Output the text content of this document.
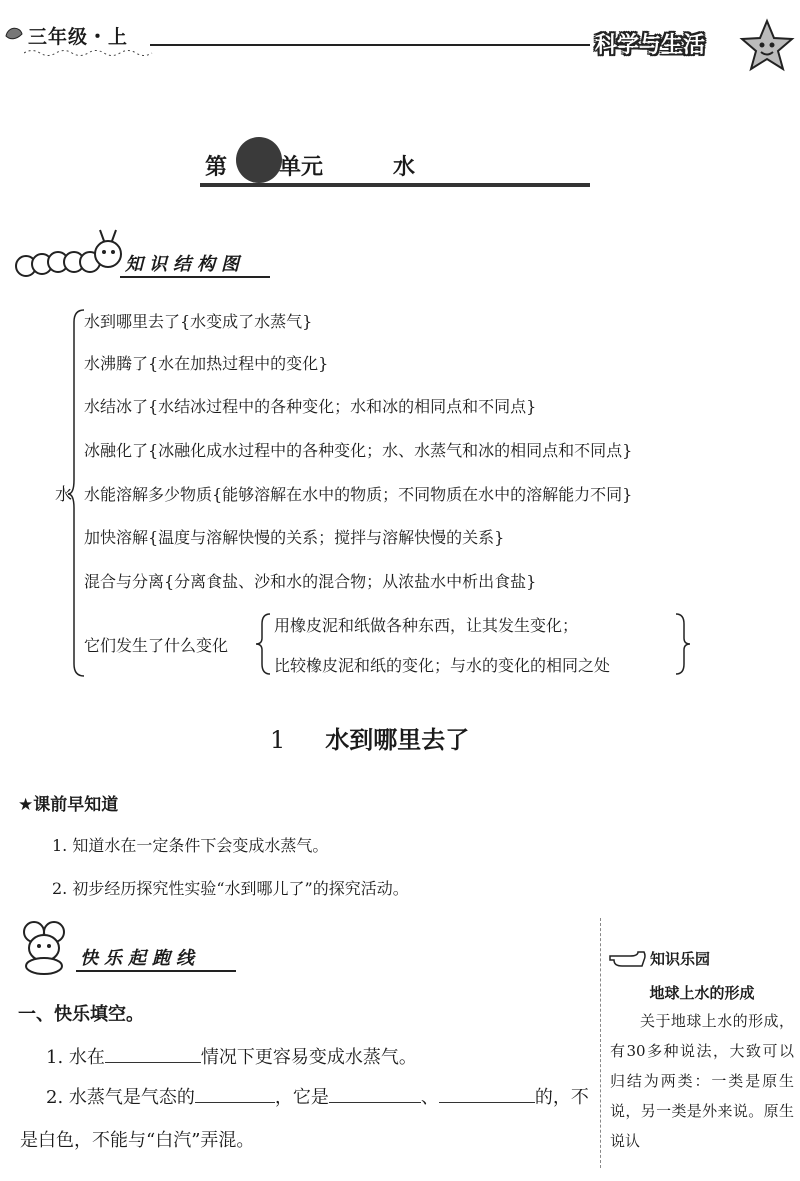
三年级・上	科学与生活
第 单元	水
知识结构图
水
水到哪里去了{水变成了水蒸气}
水沸腾了{水在加热过程中的变化}
水结冰了{水结冰过程中的各种变化；水和冰的相同点和不同点}
冰融化了{冰融化成水过程中的各种变化；水、水蒸气和冰的相同点和不同点}
水能溶解多少物质{能够溶解在水中的物质；不同物质在水中的溶解能力不同}
加快溶解{温度与溶解快慢的关系；搅拌与溶解快慢的关系}
混合与分离{分离食盐、沙和水的混合物；从浓盐水中析出食盐}
它们发生了什么变化
用橡皮泥和纸做各种东西，让其发生变化；
比较橡皮泥和纸的变化；与水的变化的相同之处
1 水到哪里去了
★课前早知道
1. 知道水在一定条件下会变成水蒸气。
2. 初步经历探究性实验“水到哪儿了”的探究活动。
快乐起跑线
一、快乐填空。
1. 水在	情况下更容易变成水蒸气。
2. 水蒸气是气态的	，它是	、	的，不
是白色，不能与“白汽”弄混。
知识乐园
地球上水的形成
关于地球上水的形成，有30多种说法，大致可以归结为两类：一类是原生说，另一类是外来说。原生说认
